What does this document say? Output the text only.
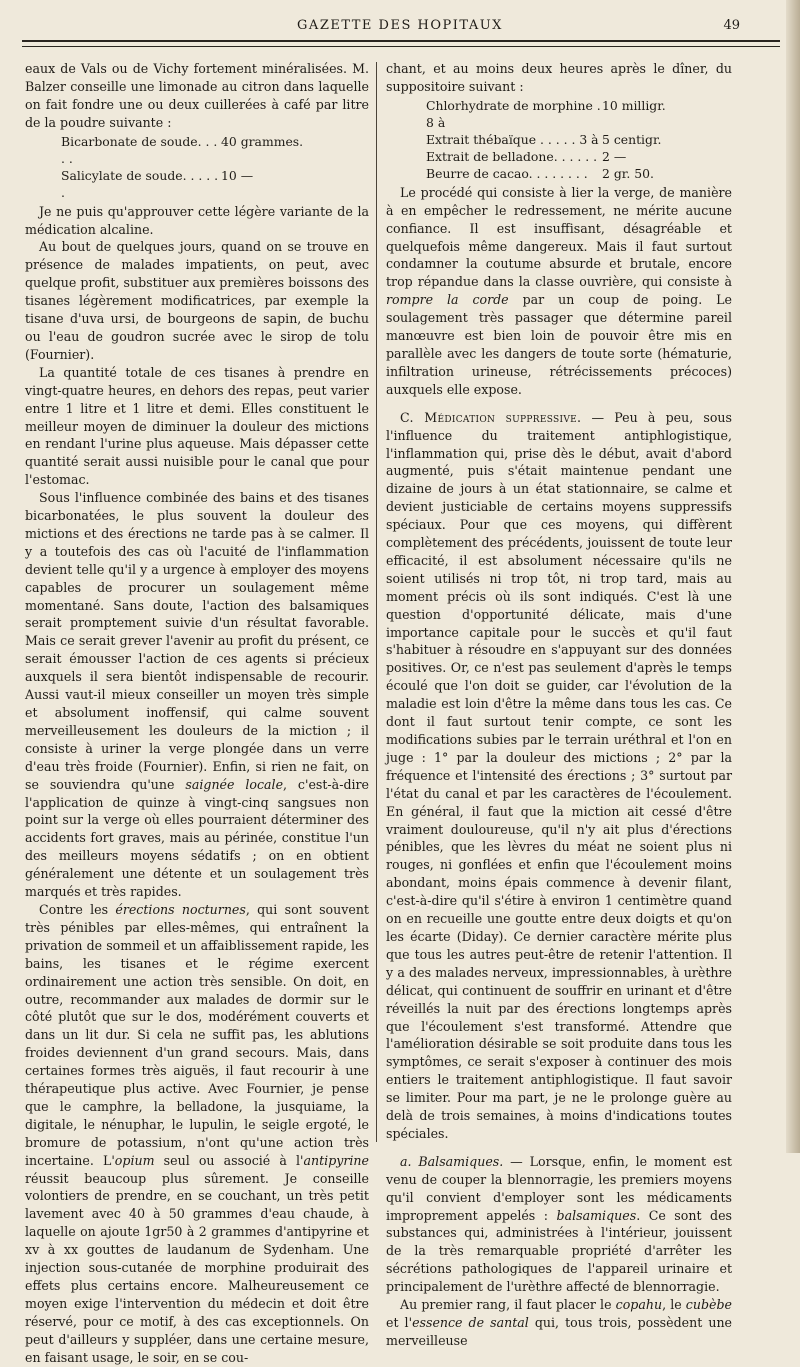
GAZETTE DES HOPITAUX	49

eaux de Vals ou de Vichy fortement minéralisées. M. Balzer conseille une limonade au citron dans laquelle on fait fondre une ou deux cuillerées à café par litre de la poudre suivante :

Bicarbonate de soude. . . . .
40 grammes.
Salicylate de soude. . . . . .
10 —

Je ne puis qu'approuver cette légère variante de la médication alcaline.

Au bout de quelques jours, quand on se trouve en présence de malades impatients, on peut, avec quelque profit, substituer aux premières boissons des tisanes légèrement modificatrices, par exemple la tisane d'uva ursi, de bourgeons de sapin, de buchu ou l'eau de goudron sucrée avec le sirop de tolu (Fournier).

La quantité totale de ces tisanes à prendre en vingt-quatre heures, en dehors des repas, peut varier entre 1 litre et 1 litre et demi. Elles constituent le meilleur moyen de diminuer la douleur des mictions en rendant l'urine plus aqueuse. Mais dépasser cette quantité serait aussi nuisible pour le canal que pour l'estomac.

Sous l'influence combinée des bains et des tisanes bicarbonatées, le plus souvent la douleur des mictions et des érections ne tarde pas à se calmer. Il y a toutefois des cas où l'acuité de l'inflammation devient telle qu'il y a urgence à employer des moyens capables de procurer un soulagement même momentané. Sans doute, l'action des balsamiques serait promptement suivie d'un résultat favorable. Mais ce serait grever l'avenir au profit du présent, ce serait émousser l'action de ces agents si précieux auxquels il sera bientôt indispensable de recourir. Aussi vaut-il mieux conseiller un moyen très simple et absolument inoffensif, qui calme souvent merveilleusement les douleurs de la miction ; il consiste à uriner la verge plongée dans un verre d'eau très froide (Fournier). Enfin, si rien ne fait, on se souviendra qu'une saignée locale, c'est-à-dire l'application de quinze à vingt-cinq sangsues non point sur la verge où elles pourraient déterminer des accidents fort graves, mais au périnée, constitue l'un des meilleurs moyens sédatifs ; on en obtient généralement une détente et un soulagement très marqués et très rapides.

Contre les érections nocturnes, qui sont souvent très pénibles par elles-mêmes, qui entraînent la privation de sommeil et un affaiblissement rapide, les bains, les tisanes et le régime exercent ordinairement une action très sensible. On doit, en outre, recommander aux malades de dormir sur le côté plutôt que sur le dos, modérément couverts et dans un lit dur. Si cela ne suffit pas, les ablutions froides deviennent d'un grand secours. Mais, dans certaines formes très aiguës, il faut recourir à une thérapeutique plus active. Avec Fournier, je pense que le camphre, la belladone, la jusquiame, la digitale, le nénuphar, le lupulin, le seigle ergoté, le bromure de potassium, n'ont qu'une action très incertaine. L'opium seul ou associé à l'antipyrine réussit beaucoup plus sûrement. Je conseille volontiers de prendre, en se couchant, un très petit lavement avec 40 à 50 grammes d'eau chaude, à laquelle on ajoute 1gr50 à 2 grammes d'antipyrine et xv à xx gouttes de laudanum de Sydenham. Une injection sous-cutanée de morphine produirait des effets plus certains encore. Malheureusement ce moyen exige l'intervention du médecin et doit être réservé, pour ce motif, à des cas exceptionnels. On peut d'ailleurs y suppléer, dans une certaine mesure, en faisant usage, le soir, en se cou-

chant, et au moins deux heures après le dîner, du suppositoire suivant :

Chlorhydrate de morphine . 8 à
10 milligr.
Extrait thébaïque . . . . . 3 à 5 centigr.
Extrait de belladone. . . . . . 2 —
Beurre de cacao. . . . . . . .	2 gr. 50.

Le procédé qui consiste à lier la verge, de manière à en empêcher le redressement, ne mérite aucune confiance. Il est insuffisant, désagréable et quelquefois même dangereux. Mais il faut surtout condamner la coutume absurde et brutale, encore trop répandue dans la classe ouvrière, qui consiste à rompre la corde par un coup de poing. Le soulagement très passager que détermine pareil manœuvre est bien loin de pouvoir être mis en parallèle avec les dangers de toute sorte (hématurie, infiltration urineuse, rétrécissements précoces) auxquels elle expose.

C. Médication suppressive. — Peu à peu, sous l'influence du traitement antiphlogistique, l'inflammation qui, prise dès le début, avait d'abord augmenté, puis s'était maintenue pendant une dizaine de jours à un état stationnaire, se calme et devient justiciable de certains moyens suppressifs spéciaux. Pour que ces moyens, qui diffèrent complètement des précédents, jouissent de toute leur efficacité, il est absolument nécessaire qu'ils ne soient utilisés ni trop tôt, ni trop tard, mais au moment précis où ils sont indiqués. C'est là une question d'opportunité délicate, mais d'une importance capitale pour le succès et qu'il faut s'habituer à résoudre en s'appuyant sur des données positives. Or, ce n'est pas seulement d'après le temps écoulé que l'on doit se guider, car l'évolution de la maladie est loin d'être la même dans tous les cas. Ce dont il faut surtout tenir compte, ce sont les modifications subies par le terrain uréthral et l'on en juge : 1° par la douleur des mictions ; 2° par la fréquence et l'intensité des érections ; 3° surtout par l'état du canal et par les caractères de l'écoulement. En général, il faut que la miction ait cessé d'être vraiment douloureuse, qu'il n'y ait plus d'érections pénibles, que les lèvres du méat ne soient plus ni rouges, ni gonflées et enfin que l'écoulement moins abondant, moins épais commence à devenir filant, c'est-à-dire qu'il s'étire à environ 1 centimètre quand on en recueille une goutte entre deux doigts et qu'on les écarte (Diday). Ce dernier caractère mérite plus que tous les autres peut-être de retenir l'attention. Il y a des malades nerveux, impressionnables, à urèthre délicat, qui continuent de souffrir en urinant et d'être réveillés la nuit par des érections longtemps après que l'écoulement s'est transformé. Attendre que l'amélioration désirable se soit produite dans tous les symptômes, ce serait s'exposer à continuer des mois entiers le traitement antiphlogistique. Il faut savoir se limiter. Pour ma part, je ne le prolonge guère au delà de trois semaines, à moins d'indications toutes spéciales.

a. Balsamiques. — Lorsque, enfin, le moment est venu de couper la blennorragie, les premiers moyens qu'il convient d'employer sont les médicaments improprement appelés : balsamiques. Ce sont des substances qui, administrées à l'intérieur, jouissent de la très remarquable propriété d'arrêter les sécrétions pathologiques de l'appareil urinaire et principalement de l'urèthre affecté de blennorragie.

Au premier rang, il faut placer le copahu, le cubèbe et l'essence de santal qui, tous trois, possèdent une merveilleuse
